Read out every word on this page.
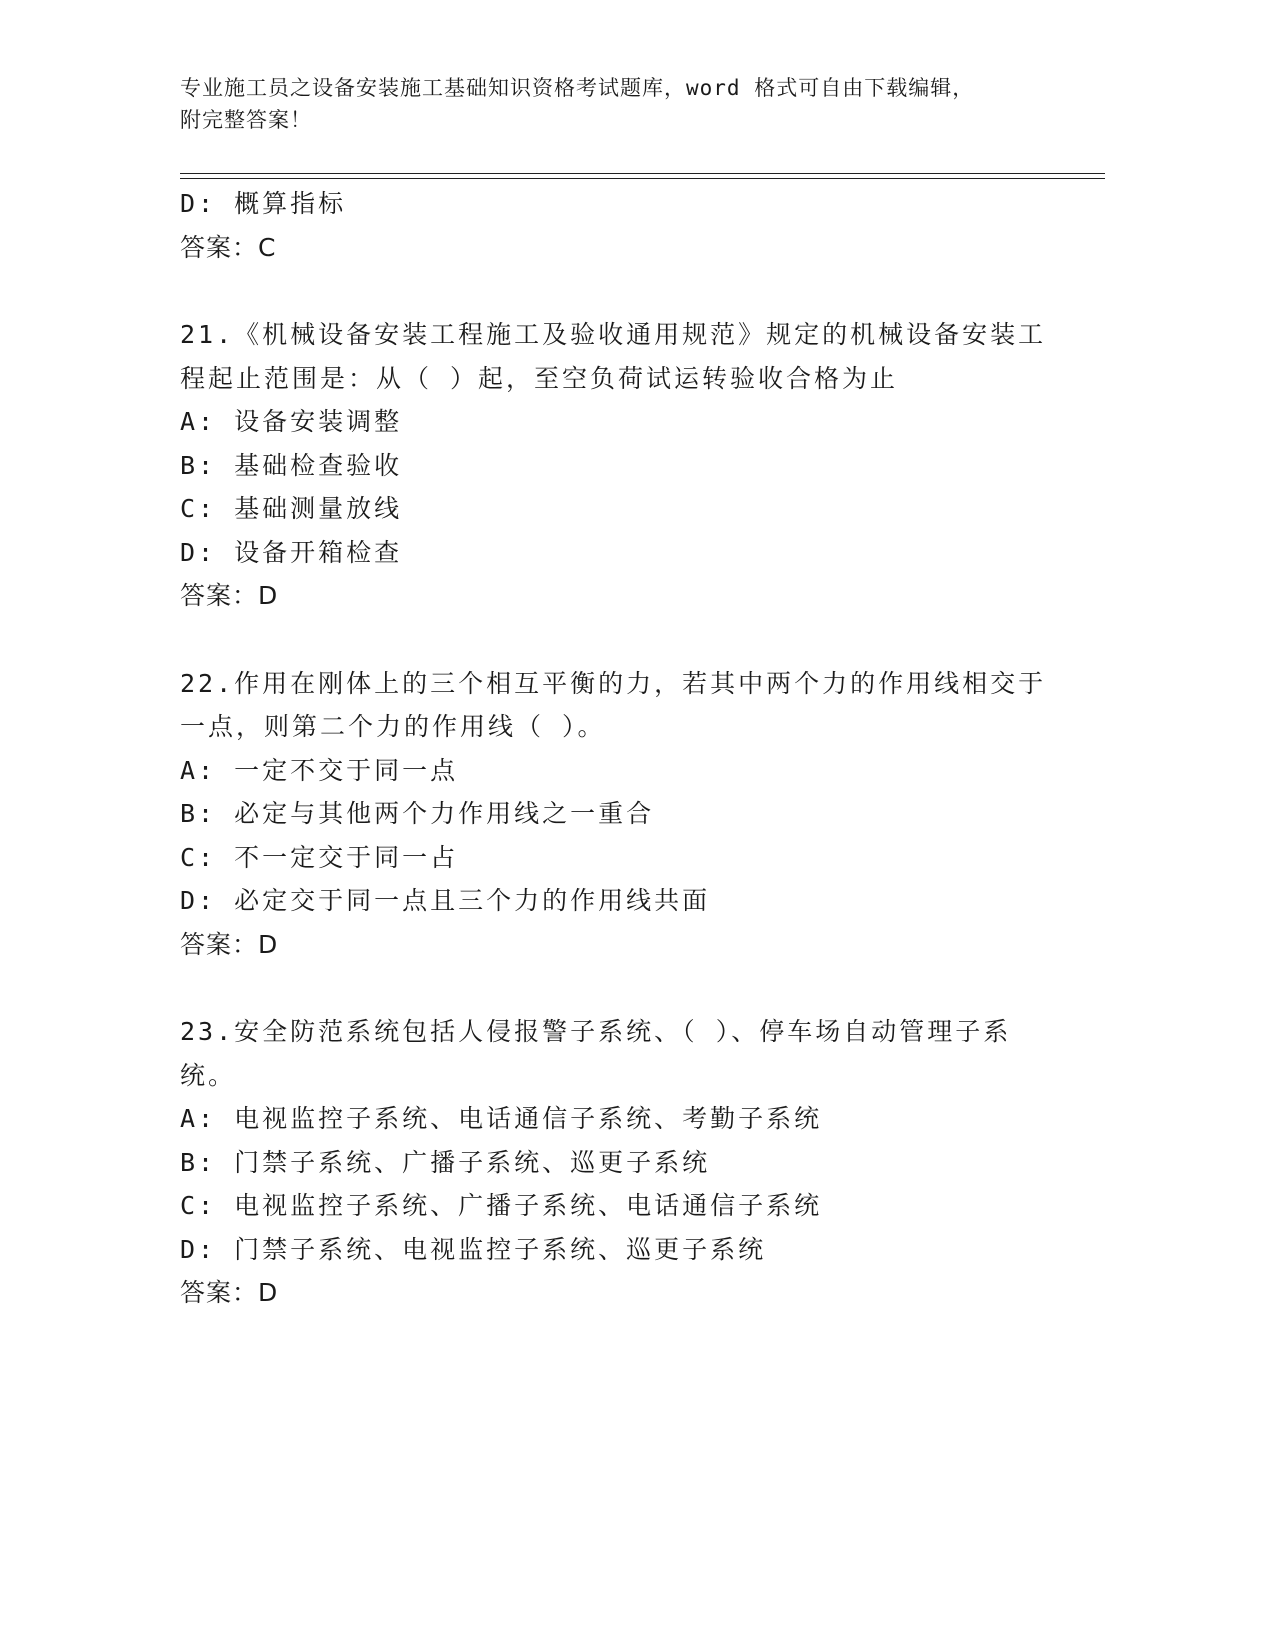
专业施工员之设备安装施工基础知识资格考试题库，word 格式可自由下载编辑，
附完整答案！
D: 概算指标
答案：C
21.《机械设备安装工程施工及验收通用规范》规定的机械设备安装工
程起止范围是：从（ ）起，至空负荷试运转验收合格为止
A: 设备安装调整
B: 基础检查验收
C: 基础测量放线
D: 设备开箱检查
答案：D
22.作用在刚体上的三个相互平衡的力，若其中两个力的作用线相交于
一点，则第二个力的作用线（ ）。
A: 一定不交于同一点
B: 必定与其他两个力作用线之一重合
C: 不一定交于同一占
D: 必定交于同一点且三个力的作用线共面
答案：D
23.安全防范系统包括人侵报警子系统、（ ）、停车场自动管理子系
统。
A: 电视监控子系统、电话通信子系统、考勤子系统
B: 门禁子系统、广播子系统、巡更子系统
C: 电视监控子系统、广播子系统、电话通信子系统
D: 门禁子系统、电视监控子系统、巡更子系统
答案：D
